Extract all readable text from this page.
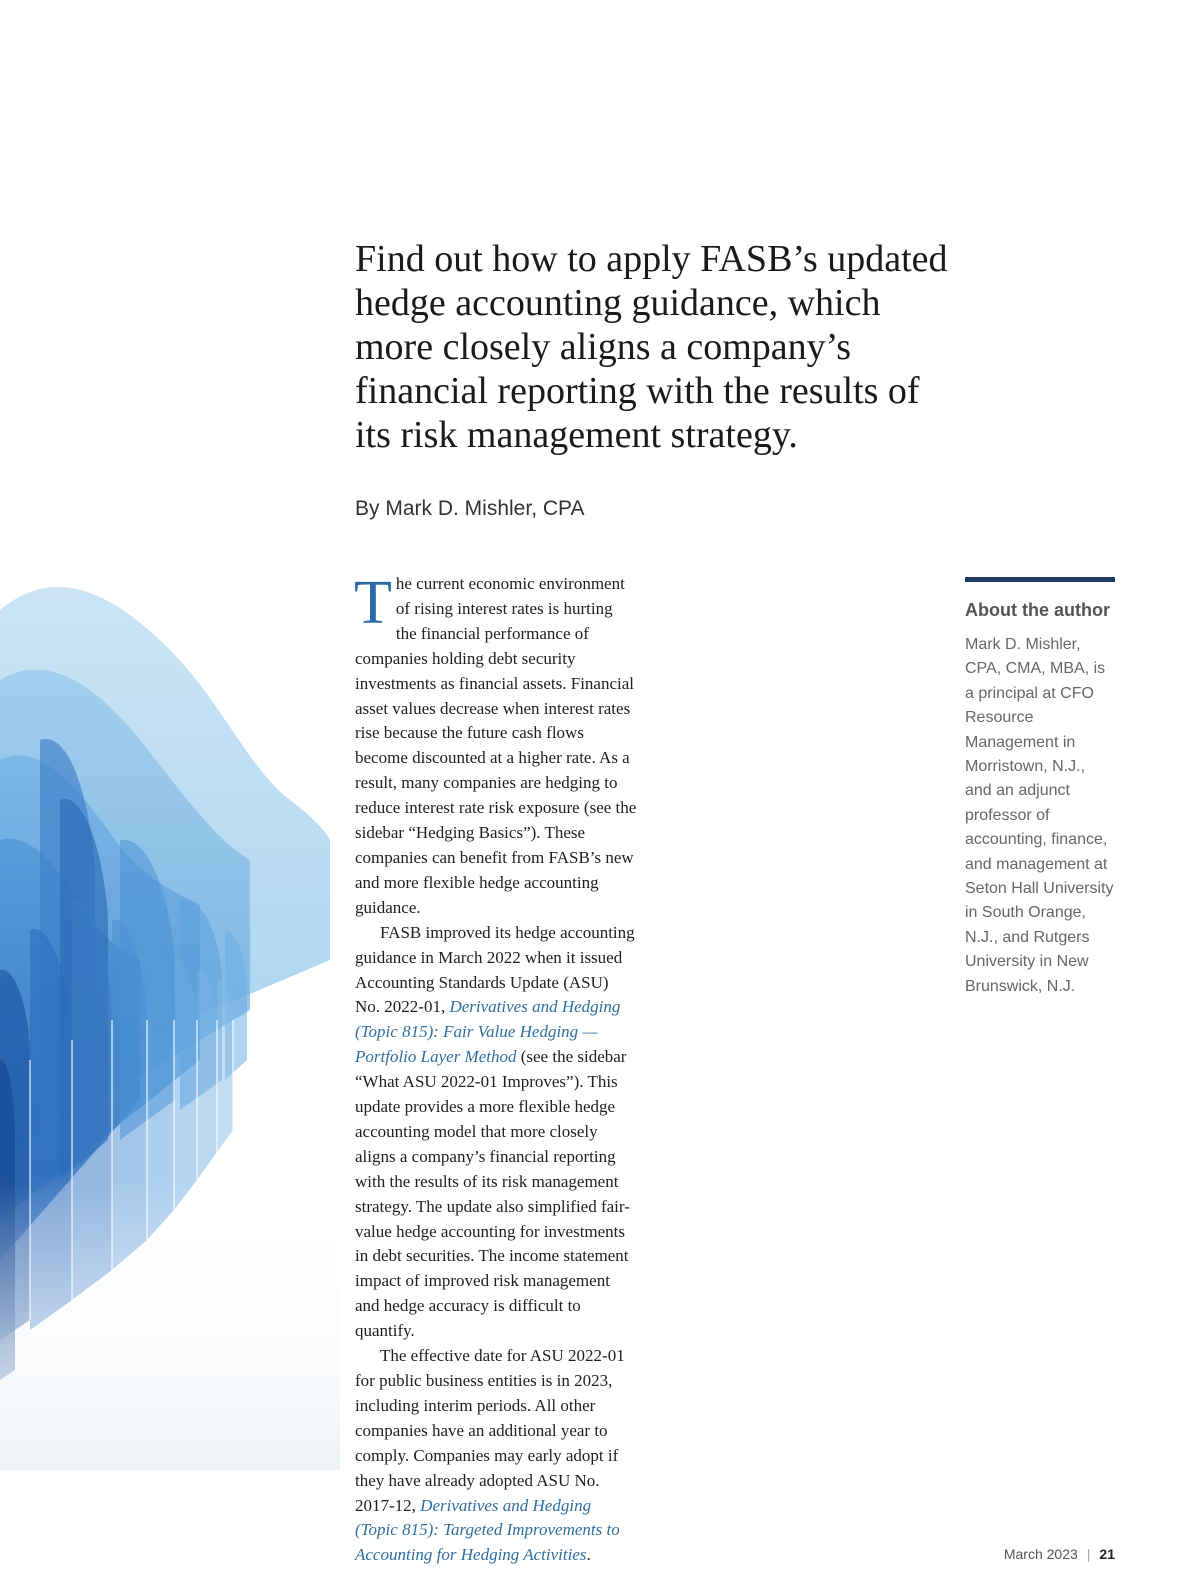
Find out how to apply FASB’s updated hedge accounting guidance, which more closely aligns a company’s financial reporting with the results of its risk management strategy.

By Mark D. Mishler, CPA

The current economic environment of rising interest rates is hurting the financial performance of companies holding debt security investments as financial assets. Financial asset values decrease when interest rates rise because the future cash flows become discounted at a higher rate. As a result, many companies are hedging to reduce interest rate risk exposure (see the sidebar “Hedging Basics”). These companies can benefit from FASB’s new and more flexible hedge accounting guidance.

FASB improved its hedge accounting guidance in March 2022 when it issued Accounting Standards Update (ASU) No. 2022-01, Derivatives and Hedging (Topic 815): Fair Value Hedging — Portfolio Layer Method (see the sidebar “What ASU 2022-01 Improves”). This update provides a more flexible hedge accounting model that more closely aligns a company’s financial reporting with the results of its risk management strategy. The update also simplified fair-value hedge accounting for investments in debt securities. The income statement impact of improved risk management and hedge accuracy is difficult to quantify.

The effective date for ASU 2022-01 for public business entities is in 2023, including interim periods. All other companies have an additional year to comply. Companies may early adopt if they have already adopted ASU No. 2017-12, Derivatives and Hedging (Topic 815): Targeted Improvements to Accounting for Hedging Activities.

About the author

Mark D. Mishler, CPA, CMA, MBA, is a principal at CFO Resource Management in Morristown, N.J., and an adjunct professor of accounting, finance, and management at Seton Hall University in South Orange, N.J., and Rutgers University in New Brunswick, N.J.

March 2023 | 21
